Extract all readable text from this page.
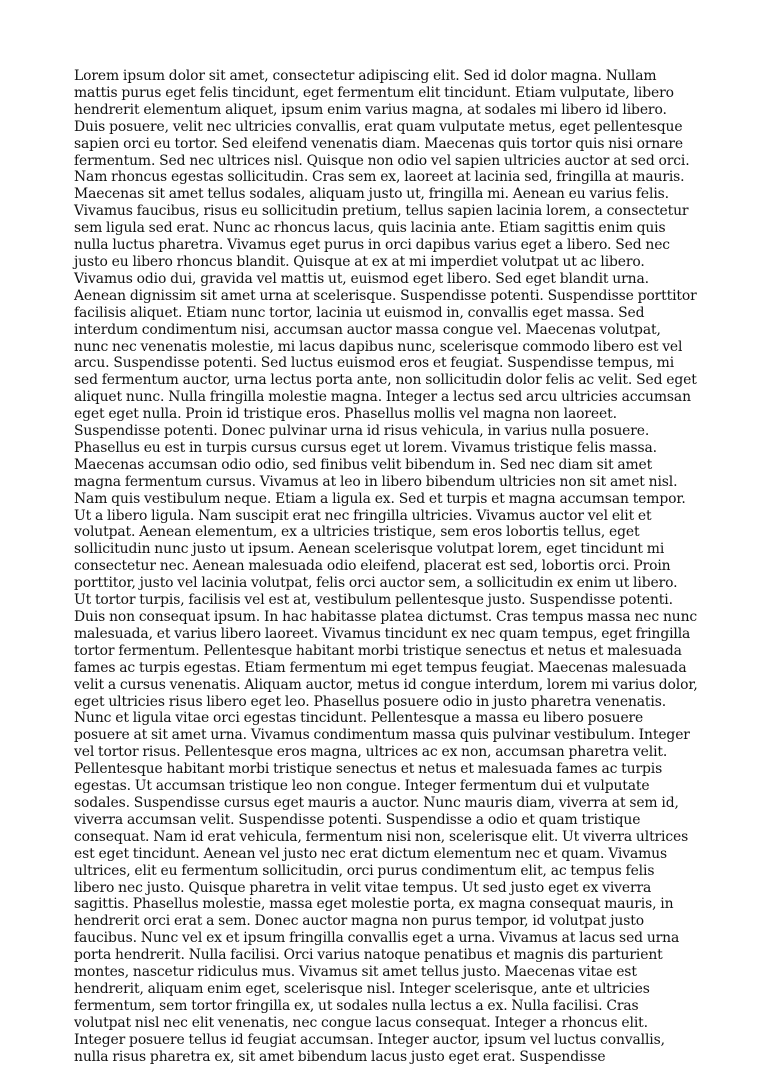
Lorem ipsum dolor sit amet, consectetur adipiscing elit. Sed id dolor magna. Nullam mattis purus eget felis tincidunt, eget fermentum elit tincidunt. Etiam vulputate, libero hendrerit elementum aliquet, ipsum enim varius magna, at sodales mi libero id libero. Duis posuere, velit nec ultricies convallis, erat quam vulputate metus, eget pellentesque sapien orci eu tortor. Sed eleifend venenatis diam. Maecenas quis tortor quis nisi ornare fermentum. Sed nec ultrices nisl. Quisque non odio vel sapien ultricies auctor at sed orci. Nam rhoncus egestas sollicitudin. Cras sem ex, laoreet at lacinia sed, fringilla at mauris. Maecenas sit amet tellus sodales, aliquam justo ut, fringilla mi. Aenean eu varius felis. Vivamus faucibus, risus eu sollicitudin pretium, tellus sapien lacinia lorem, a consectetur sem ligula sed erat. Nunc ac rhoncus lacus, quis lacinia ante. Etiam sagittis enim quis nulla luctus pharetra. Vivamus eget purus in orci dapibus varius eget a libero. Sed nec justo eu libero rhoncus blandit. Quisque at ex at mi imperdiet volutpat ut ac libero. Vivamus odio dui, gravida vel mattis ut, euismod eget libero. Sed eget blandit urna. Aenean dignissim sit amet urna at scelerisque. Suspendisse potenti. Suspendisse porttitor facilisis aliquet. Etiam nunc tortor, lacinia ut euismod in, convallis eget massa. Sed interdum condimentum nisi, accumsan auctor massa congue vel. Maecenas volutpat, nunc nec venenatis molestie, mi lacus dapibus nunc, scelerisque commodo libero est vel arcu. Suspendisse potenti. Sed luctus euismod eros et feugiat. Suspendisse tempus, mi sed fermentum auctor, urna lectus porta ante, non sollicitudin dolor felis ac velit. Sed eget aliquet nunc. Nulla fringilla molestie magna. Integer a lectus sed arcu ultricies accumsan eget eget nulla. Proin id tristique eros. Phasellus mollis vel magna non laoreet. Suspendisse potenti. Donec pulvinar urna id risus vehicula, in varius nulla posuere. Phasellus eu est in turpis cursus cursus eget ut lorem. Vivamus tristique felis massa. Maecenas accumsan odio odio, sed finibus velit bibendum in. Sed nec diam sit amet magna fermentum cursus. Vivamus at leo in libero bibendum ultricies non sit amet nisl. Nam quis vestibulum neque. Etiam a ligula ex. Sed et turpis et magna accumsan tempor. Ut a libero ligula. Nam suscipit erat nec fringilla ultricies. Vivamus auctor vel elit et volutpat. Aenean elementum, ex a ultricies tristique, sem eros lobortis tellus, eget sollicitudin nunc justo ut ipsum. Aenean scelerisque volutpat lorem, eget tincidunt mi consectetur nec. Aenean malesuada odio eleifend, placerat est sed, lobortis orci. Proin porttitor, justo vel lacinia volutpat, felis orci auctor sem, a sollicitudin ex enim ut libero. Ut tortor turpis, facilisis vel est at, vestibulum pellentesque justo. Suspendisse potenti. Duis non consequat ipsum. In hac habitasse platea dictumst. Cras tempus massa nec nunc malesuada, et varius libero laoreet. Vivamus tincidunt ex nec quam tempus, eget fringilla tortor fermentum. Pellentesque habitant morbi tristique senectus et netus et malesuada fames ac turpis egestas. Etiam fermentum mi eget tempus feugiat. Maecenas malesuada velit a cursus venenatis. Aliquam auctor, metus id congue interdum, lorem mi varius dolor, eget ultricies risus libero eget leo. Phasellus posuere odio in justo pharetra venenatis. Nunc et ligula vitae orci egestas tincidunt. Pellentesque a massa eu libero posuere posuere at sit amet urna. Vivamus condimentum massa quis pulvinar vestibulum. Integer vel tortor risus. Pellentesque eros magna, ultrices ac ex non, accumsan pharetra velit. Pellentesque habitant morbi tristique senectus et netus et malesuada fames ac turpis egestas. Ut accumsan tristique leo non congue. Integer fermentum dui et vulputate sodales. Suspendisse cursus eget mauris a auctor. Nunc mauris diam, viverra at sem id, viverra accumsan velit. Suspendisse potenti. Suspendisse a odio et quam tristique consequat. Nam id erat vehicula, fermentum nisi non, scelerisque elit. Ut viverra ultrices est eget tincidunt. Aenean vel justo nec erat dictum elementum nec et quam. Vivamus ultrices, elit eu fermentum sollicitudin, orci purus condimentum elit, ac tempus felis libero nec justo. Quisque pharetra in velit vitae tempus. Ut sed justo eget ex viverra sagittis. Phasellus molestie, massa eget molestie porta, ex magna consequat mauris, in hendrerit orci erat a sem. Donec auctor magna non purus tempor, id volutpat justo faucibus. Nunc vel ex et ipsum fringilla convallis eget a urna. Vivamus at lacus sed urna porta hendrerit. Nulla facilisi. Orci varius natoque penatibus et magnis dis parturient montes, nascetur ridiculus mus. Vivamus sit amet tellus justo. Maecenas vitae est hendrerit, aliquam enim eget, scelerisque nisl. Integer scelerisque, ante et ultricies fermentum, sem tortor fringilla ex, ut sodales nulla lectus a ex. Nulla facilisi. Cras volutpat nisl nec elit venenatis, nec congue lacus consequat. Integer a rhoncus elit. Integer posuere tellus id feugiat accumsan. Integer auctor, ipsum vel luctus convallis, nulla risus pharetra ex, sit amet bibendum lacus justo eget erat. Suspendisse
